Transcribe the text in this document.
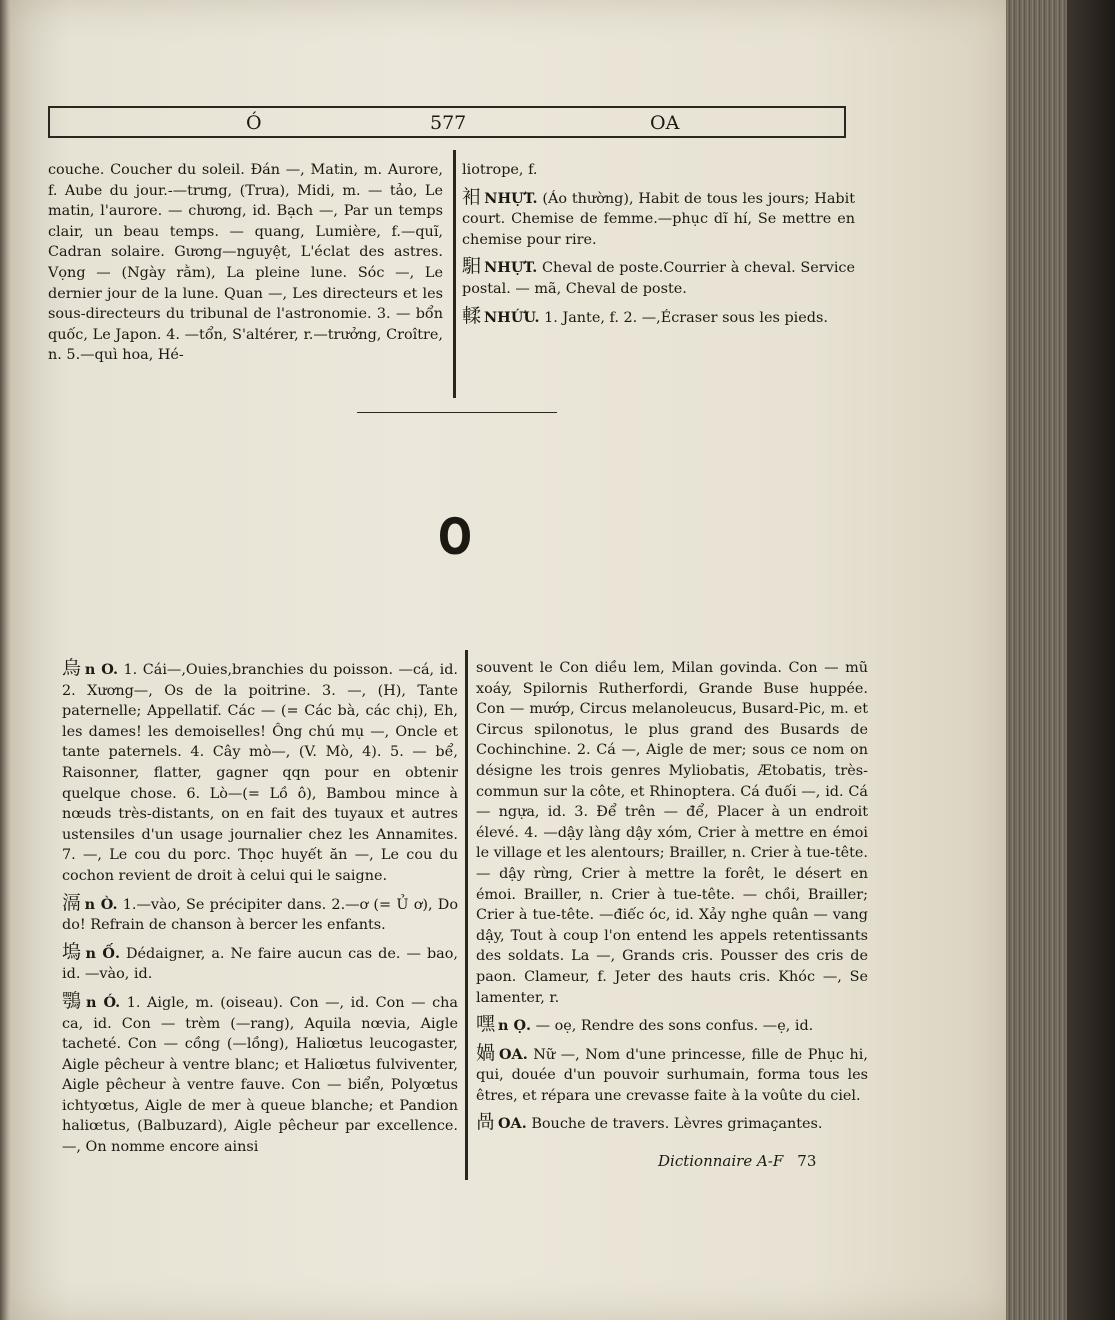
Ó	577	OA

couche. Coucher du soleil. Đán —, Matin, m. Aurore, f. Aube du jour.-—trưng, (Trưa), Midi, m. — tảo, Le matin, l'aurore. — chương, id. Bạch —, Par un temps clair, un beau temps. — quang, Lumière, f.—quĩ, Cadran solaire. Gương—nguyệt, L'éclat des astres. Vọng — (Ngày rằm), La pleine lune. Sóc —, Le dernier jour de la lune. Quan —, Les directeurs et les sous-directeurs du tribunal de l'astronomie. 3. — bổn quốc, Le Japon. 4. —tổn, S'altérer, r.—trưởng, Croître, n. 5.—quì hoa, Hé-

liotrope, f.

衵 NHỰT. (Áo thường), Habit de tous les jours; Habit court. Chemise de femme.—phục dĩ hí, Se mettre en chemise pour rire.

馹 NHỰT. Cheval de poste.Courrier à cheval. Service postal. — mã, Cheval de poste.

輮 NHỨU. 1. Jante, f. 2. —,Écraser sous les pieds.

O

烏 n O. 1. Cái—,Ouies,branchies du poisson. —cá, id. 2. Xương—, Os de la poitrine. 3. —, (H), Tante paternelle; Appellatif. Các — (= Các bà, các chị), Eh, les dames! les demoiselles! Ông chú mụ —, Oncle et tante paternels. 4. Cây mò—, (V. Mò, 4). 5. — bể, Raisonner, flatter, gagner qqn pour en obtenir quelque chose. 6. Lò—(= Lồ ô), Bambou mince à nœuds très-distants, on en fait des tuyaux et autres ustensiles d'un usage journalier chez les Annamites. 7. —, Le cou du porc. Thọc huyết ăn —, Le cou du cochon revient de droit à celui qui le saigne.

滆 n Ò. 1.—vào, Se précipiter dans. 2.—ơ (= Ủ ơ), Do do! Refrain de chanson à bercer les enfants.

塢 n Ố. Dédaigner, a. Ne faire aucun cas de. — bao, id. —vào, id.

鶚 n Ó. 1. Aigle, m. (oiseau). Con —, id. Con — cha ca, id. Con — trèm (—rang), Aquila nœvia, Aigle tacheté. Con — cồng (—lồng), Haliœtus leucogaster, Aigle pêcheur à ventre blanc; et Haliœtus fulviventer, Aigle pêcheur à ventre fauve. Con — biển, Polyœtus ichtyœtus, Aigle de mer à queue blanche; et Pandion haliœtus, (Balbuzard), Aigle pêcheur par excellence.—, On nomme encore ainsi

souvent le Con diều lem, Milan govinda. Con — mũ xoáy, Spilornis Rutherfordi, Grande Buse huppée. Con — mướp, Circus melanoleucus, Busard-Pic, m. et Circus spilonotus, le plus grand des Busards de Cochinchine. 2. Cá —, Aigle de mer; sous ce nom on désigne les trois genres Myliobatis, Ætobatis, très-commun sur la côte, et Rhinoptera. Cá đuối —, id. Cá — ngựa, id. 3. Để trên — để, Placer à un endroit élevé. 4. —dậy làng dậy xóm, Crier à mettre en émoi le village et les alentours; Brailler, n. Crier à tue-tête. — dậy rừng, Crier à mettre la forêt, le désert en émoi. Brailler, n. Crier à tue-tête. — chồi, Brailler; Crier à tue-tête. —điếc óc, id. Xảy nghe quân — vang dậy, Tout à coup l'on entend les appels retentissants des soldats. La —, Grands cris. Pousser des cris de paon. Clameur, f. Jeter des hauts cris. Khóc —, Se lamenter, r.

嘿 n Ọ. — oẹ, Rendre des sons confus. —ẹ, id.

媧 OA. Nữ —, Nom d'une princesse, fille de Phục hi, qui, douée d'un pouvoir surhumain, forma tous les êtres, et répara une crevasse faite à la voûte du ciel.

咼 OA. Bouche de travers. Lèvres grimaçantes.

Dictionnaire A-F 73
